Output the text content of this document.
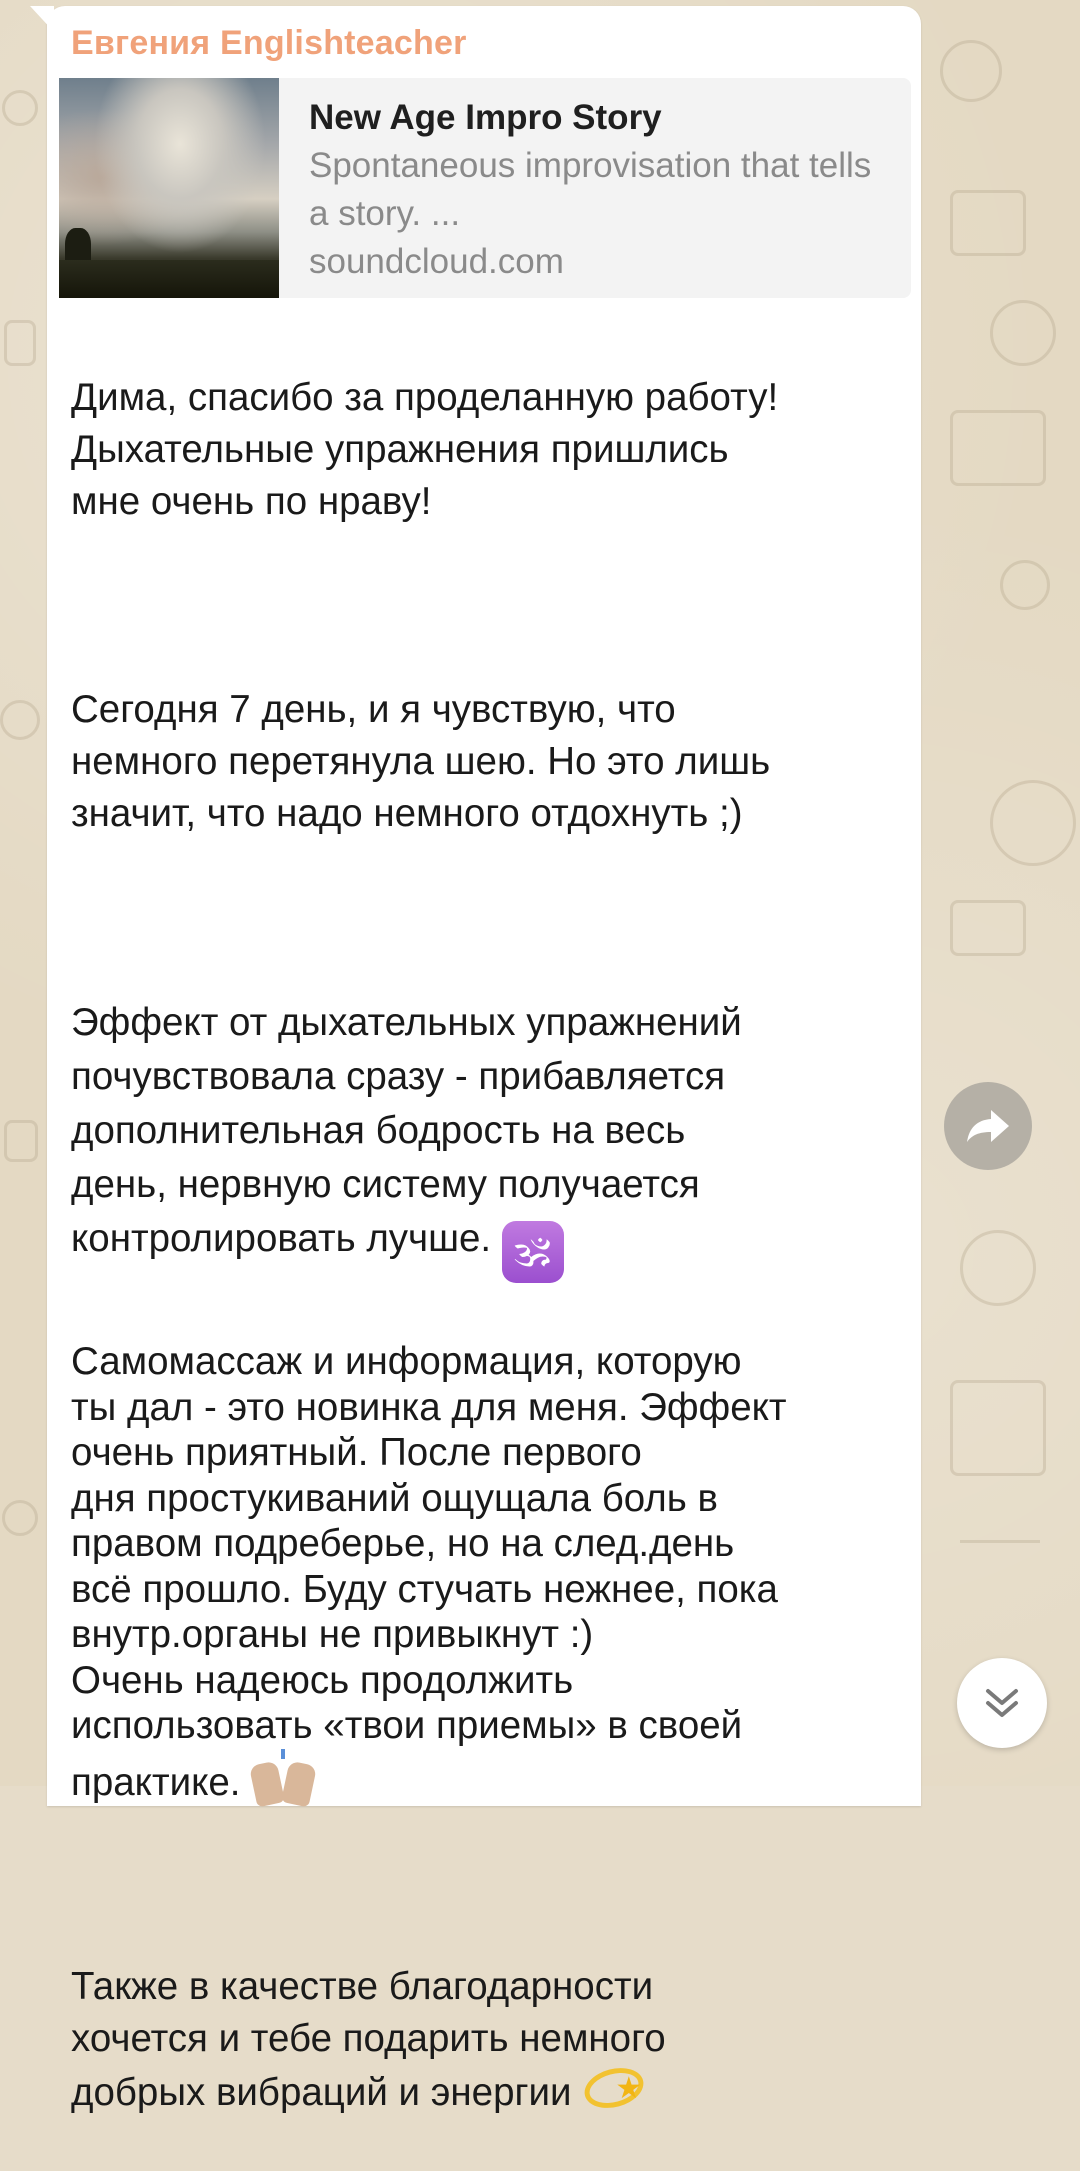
Евгения Englishteacher
New Age Impro Story
Spontaneous improvisation that tells a story. ...
soundcloud.com

Дима, спасибо за проделанную работу!
Дыхательные упражнения пришлись
мне очень по нраву!

Сегодня 7 день, и я чувствую, что
немного перетянула шею. Но это лишь
значит, что надо немного отдохнуть ;)

Эффект от дыхательных упражнений
почувствовала сразу - прибавляется
дополнительная бодрость на весь
день, нервную систему получается
контролировать лучше. 🕉

Самомассаж и информация, которую
ты дал - это новинка для меня. Эффект
очень приятный. После первого
дня простукиваний ощущала боль в
правом подреберье, но на след.день
всё прошло. Буду стучать нежнее, пока
внутр.органы не привыкнут :)
Очень надеюсь продолжить
использовать «твои приемы» в своей
практике.

Также в качестве благодарности
хочется и тебе подарить немного
добрых вибраций и энергии ★
